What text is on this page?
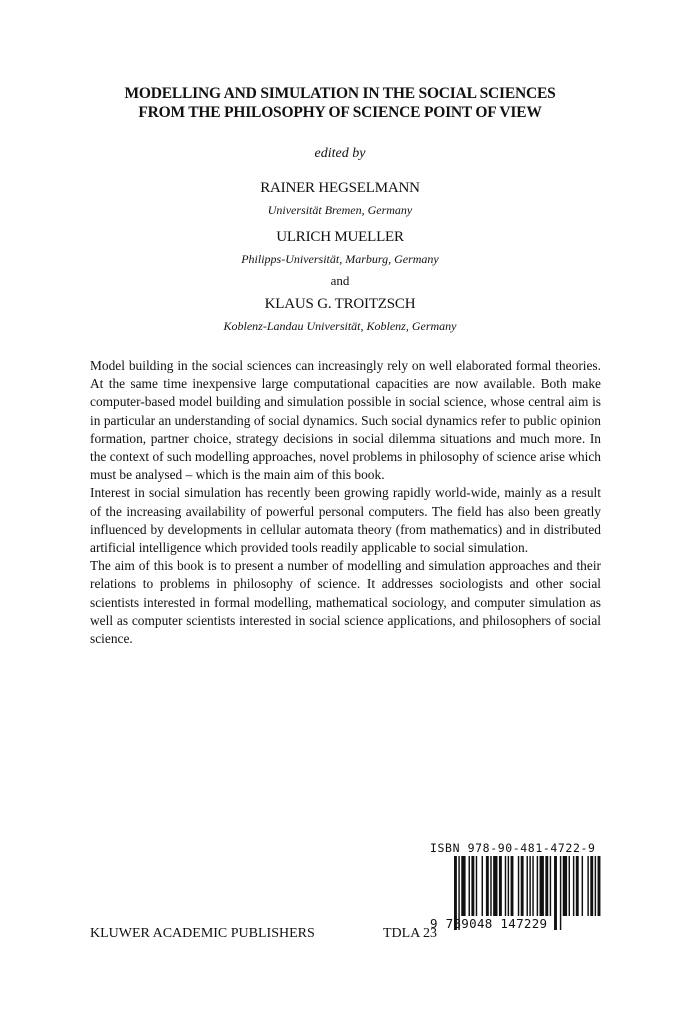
MODELLING AND SIMULATION IN THE SOCIAL SCIENCES
FROM THE PHILOSOPHY OF SCIENCE POINT OF VIEW
edited by
RAINER HEGSELMANN
Universität Bremen, Germany
ULRICH MUELLER
Philipps-Universität, Marburg, Germany
and
KLAUS G. TROITZSCH
Koblenz-Landau Universität, Koblenz, Germany

Model building in the social sciences can increasingly rely on well elaborated formal theories. At the same time inexpensive large computational capacities are now available. Both make computer-based model building and simulation possible in social science, whose central aim is in particular an understanding of social dynamics. Such social dynamics refer to public opinion formation, partner choice, strategy decisions in social dilemma situations and much more. In the context of such modelling approaches, novel problems in philosophy of science arise which must be analysed – which is the main aim of this book.

Interest in social simulation has recently been growing rapidly world-wide, mainly as a result of the increasing availability of powerful personal computers. The field has also been greatly influenced by developments in cellular automata theory (from mathematics) and in distributed artificial intelligence which provided tools readily applicable to social simulation.

The aim of this book is to present a number of modelling and simulation approaches and their relations to problems in philosophy of science. It addresses sociologists and other social scientists interested in formal modelling, mathematical sociology, and computer simulation as well as computer scientists interested in social science applications, and philosophers of social science.

ISBN 978-90-481-4722-9
9 789048 147229
KLUWER ACADEMIC PUBLISHERS	TDLA 23
